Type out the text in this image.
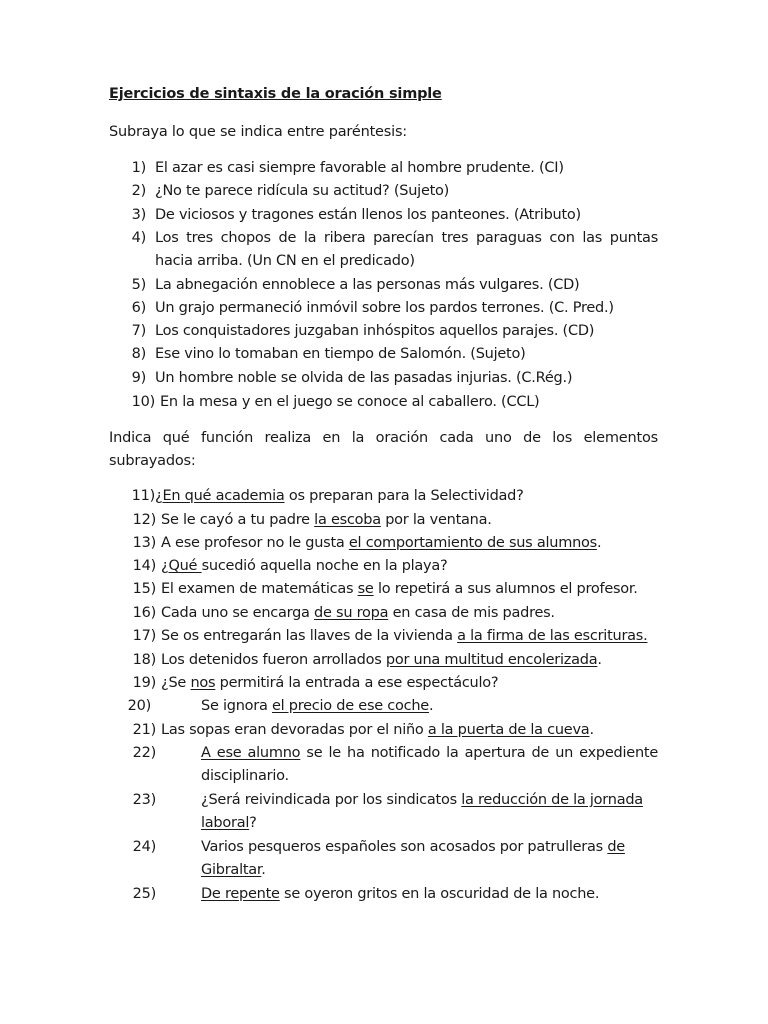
Ejercicios de sintaxis de la oración simple
Subraya lo que se indica entre paréntesis:
1) El azar es casi siempre favorable al hombre prudente. (CI)
2) ¿No te parece ridícula su actitud? (Sujeto)
3) De viciosos y tragones están llenos los panteones. (Atributo)
4) Los tres chopos de la ribera parecían tres paraguas con las puntas hacia arriba. (Un CN en el predicado)
5) La abnegación ennoblece a las personas más vulgares. (CD)
6) Un grajo permaneció inmóvil sobre los pardos terrones. (C. Pred.)
7) Los conquistadores juzgaban inhóspitos aquellos parajes. (CD)
8) Ese vino lo tomaban en tiempo de Salomón. (Sujeto)
9) Un hombre noble se olvida de las pasadas injurias. (C.Rég.)
10) En la mesa y en el juego se conoce al caballero. (CCL)
Indica qué función realiza en la oración cada uno de los elementos subrayados:
11) ¿En qué academia os preparan para la Selectividad?
12) Se le cayó a tu padre la escoba por la ventana.
13) A ese profesor no le gusta el comportamiento de sus alumnos.
14) ¿Qué sucedió aquella noche en la playa?
15) El examen de matemáticas se lo repetirá a sus alumnos el profesor.
16) Cada uno se encarga de su ropa en casa de mis padres.
17) Se os entregarán las llaves de la vivienda a la firma de las escrituras.
18) Los detenidos fueron arrollados por una multitud encolerizada.
19) ¿Se nos permitirá la entrada a ese espectáculo?
20)	Se ignora el precio de ese coche.
21) Las sopas eran devoradas por el niño a la puerta de la cueva.
22)	A ese alumno se le ha notificado la apertura de un expediente disciplinario.
23)	¿Será reivindicada por los sindicatos la reducción de la jornada laboral?
24)	Varios pesqueros españoles son acosados por patrulleras de Gibraltar.
25)	De repente se oyeron gritos en la oscuridad de la noche.
